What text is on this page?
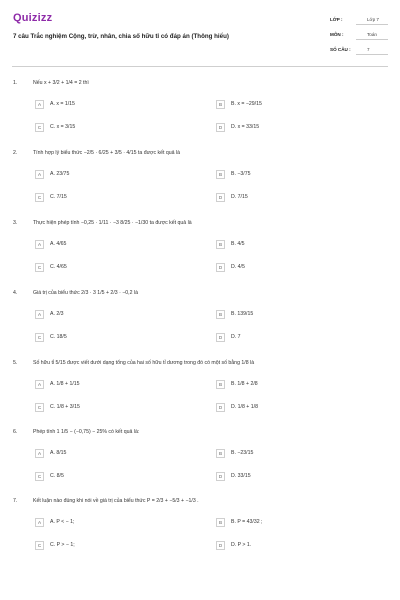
Quizizz
7 câu Trắc nghiệm Cộng, trừ, nhân, chia số hữu tỉ có đáp án (Thông hiểu)
LỚP :	Lớp 7
MÔN :	Toán
SỐ CÂU :	7
1.	Nếu x + 3/2 + 1/4 = 2 thì
A	A. x = 1/15	B	B. x = −29/15
C	C. x = 3/15	D	D. x = 33/15
2.	Tính hợp lý biểu thức −2/5 · 6/25 + 3/5 · 4/15 ta được kết quả là
A	A. 23/75	B	B. −3/75
C	C. 7/15	D	D. 7/15
3.	Thực hiện phép tính −0,25 · 1/11 · −3 8/25 · −1/30 ta được kết quả là
A	A. 4/65	B	B. 4/5
C	C. 4/65	D	D. 4/5
4.	Giá trị của biểu thức 2/3 · 3 1/5 + 2/3 · −0,2 là
A	A. 2/3	B	B. 139/15
C	C. 18/5	D	D. 7
5.	Số hữu tỉ 5/15 được viết dưới dạng tổng của hai số hữu tỉ dương trong đó có một số bằng 1/8 là
A	A. 1/8 + 1/15	B	B. 1/8 + 2/8
C	C. 1/8 + 3/15	D	D. 1/8 + 1/8
6.	Phép tính 1 1/5 − (−0,75) − 25% có kết quả là:
A	A. 8/15	B	B. −23/15
C	C. 8/5	D	D. 33/15
7.	Kết luận nào đúng khi nói về giá trị của biểu thức P = 2/3 + −5/3 + −1/3 .
A	A. P < − 1;	B	B. P = 43/32 ;
C	C. P > − 1;	D	D. P > 1.
